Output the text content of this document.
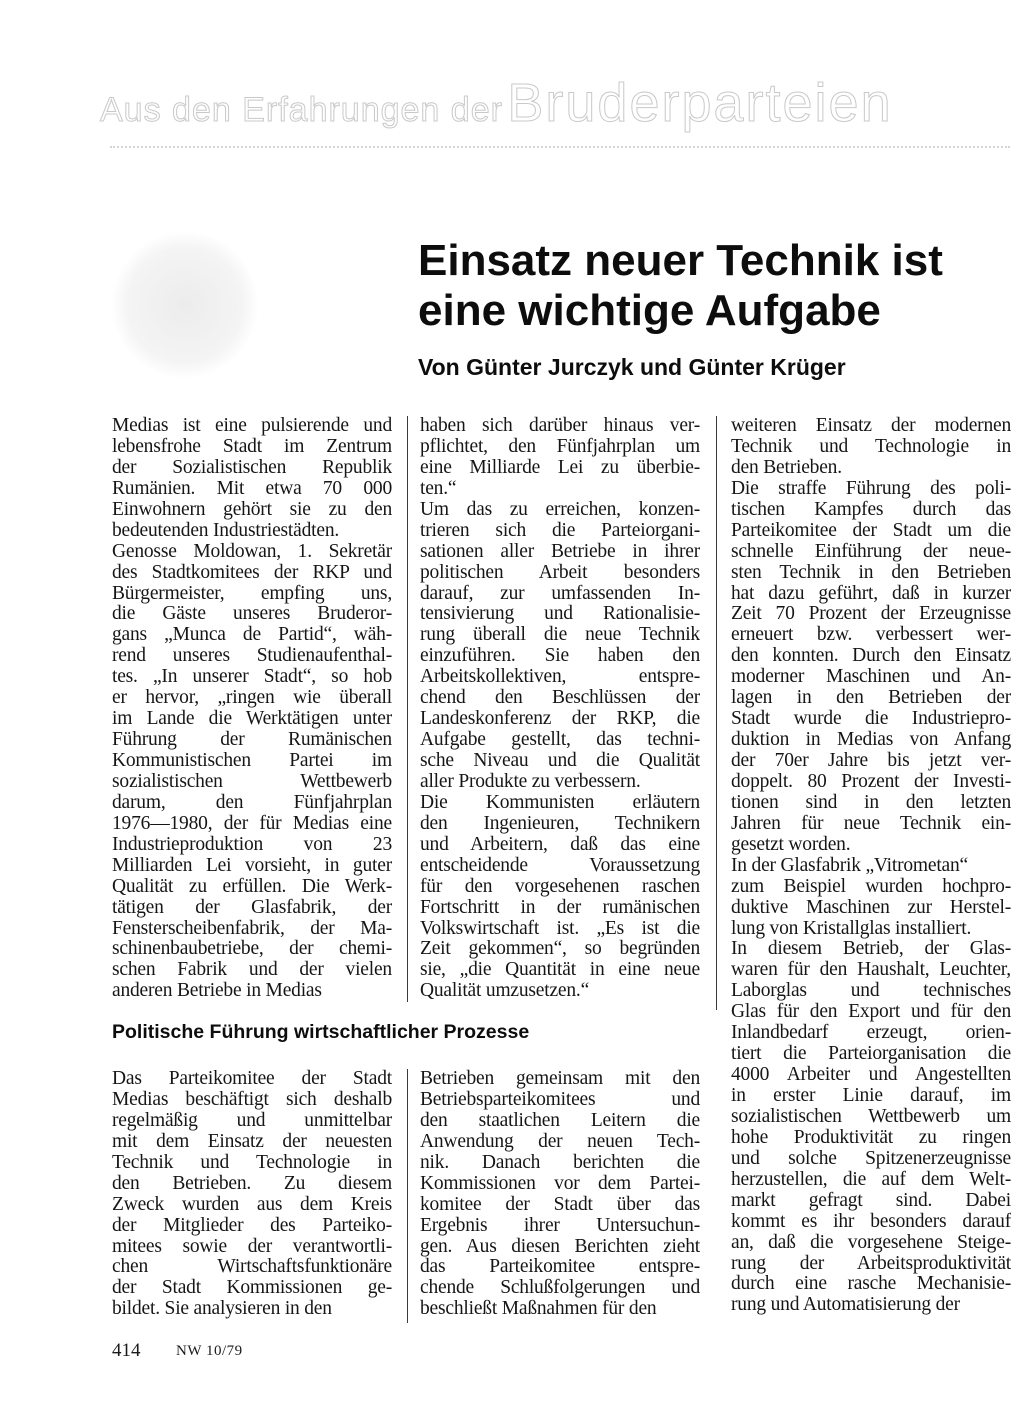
Aus den Erfahrungen der Bruderparteien
Einsatz neuer Technik ist
eine wichtige Aufgabe
Von Günter Jurczyk und Günter Krüger
Medias ist eine pulsierende und
lebensfrohe Stadt im Zentrum
der Sozialistischen Republik
Rumänien. Mit etwa 70 000
Einwohnern gehört sie zu den
bedeutenden Industriestädten.
Genosse Moldowan, 1. Sekretär
des Stadtkomitees der RKP und
Bürgermeister, empfing uns,
die Gäste unseres Bruderor-
gans „Munca de Partid“, wäh-
rend unseres Studienaufenthal-
tes. „In unserer Stadt“, so hob
er hervor, „ringen wie überall
im Lande die Werktätigen unter
Führung der Rumänischen
Kommunistischen Partei im
sozialistischen Wettbewerb
darum, den Fünfjahrplan
1976—1980, der für Medias eine
Industrieproduktion von 23
Milliarden Lei vorsieht, in guter
Qualität zu erfüllen. Die Werk-
tätigen der Glasfabrik, der
Fensterscheibenfabrik, der Ma-
schinenbaubetriebe, der chemi-
schen Fabrik und der vielen
anderen Betriebe in Medias
haben sich darüber hinaus ver-
pflichtet, den Fünfjahrplan um
eine Milliarde Lei zu überbie-
ten.“
Um das zu erreichen, konzen-
trieren sich die Parteiorgani-
sationen aller Betriebe in ihrer
politischen Arbeit besonders
darauf, zur umfassenden In-
tensivierung und Rationalisie-
rung überall die neue Technik
einzuführen. Sie haben den
Arbeitskollektiven, entspre-
chend den Beschlüssen der
Landeskonferenz der RKP, die
Aufgabe gestellt, das techni-
sche Niveau und die Qualität
aller Produkte zu verbessern.
Die Kommunisten erläutern
den Ingenieuren, Technikern
und Arbeitern, daß das eine
entscheidende Voraussetzung
für den vorgesehenen raschen
Fortschritt in der rumänischen
Volkswirtschaft ist. „Es ist die
Zeit gekommen“, so begründen
sie, „die Quantität in eine neue
Qualität umzusetzen.“
weiteren Einsatz der modernen
Technik und Technologie in
den Betrieben.
Die straffe Führung des poli-
tischen Kampfes durch das
Parteikomitee der Stadt um die
schnelle Einführung der neue-
sten Technik in den Betrieben
hat dazu geführt, daß in kurzer
Zeit 70 Prozent der Erzeugnisse
erneuert bzw. verbessert wer-
den konnten. Durch den Einsatz
moderner Maschinen und An-
lagen in den Betrieben der
Stadt wurde die Industriepro-
duktion in Medias von Anfang
der 70er Jahre bis jetzt ver-
doppelt. 80 Prozent der Investi-
tionen sind in den letzten
Jahren für neue Technik ein-
gesetzt worden.
In der Glasfabrik „Vitrometan“
zum Beispiel wurden hochpro-
duktive Maschinen zur Herstel-
lung von Kristallglas installiert.
In diesem Betrieb, der Glas-
waren für den Haushalt, Leuchter,
Laborglas und technisches
Glas für den Export und für den
Inlandbedarf erzeugt, orien-
tiert die Parteiorganisation die
4000 Arbeiter und Angestellten
in erster Linie darauf, im
sozialistischen Wettbewerb um
hohe Produktivität zu ringen
und solche Spitzenerzeugnisse
herzustellen, die auf dem Welt-
markt gefragt sind. Dabei
kommt es ihr besonders darauf
an, daß die vorgesehene Steige-
rung der Arbeitsproduktivität
durch eine rasche Mechanisie-
rung und Automatisierung der
Politische Führung wirtschaftlicher Prozesse
Das Parteikomitee der Stadt
Medias beschäftigt sich deshalb
regelmäßig und unmittelbar
mit dem Einsatz der neuesten
Technik und Technologie in
den Betrieben. Zu diesem
Zweck wurden aus dem Kreis
der Mitglieder des Parteiko-
mitees sowie der verantwortli-
chen Wirtschaftsfunktionäre
der Stadt Kommissionen ge-
bildet. Sie analysieren in den
Betrieben gemeinsam mit den
Betriebsparteikomitees und
den staatlichen Leitern die
Anwendung der neuen Tech-
nik. Danach berichten die
Kommissionen vor dem Partei-
komitee der Stadt über das
Ergebnis ihrer Untersuchun-
gen. Aus diesen Berichten zieht
das Parteikomitee entspre-
chende Schlußfolgerungen und
beschließt Maßnahmen für den
414 NW 10/79
